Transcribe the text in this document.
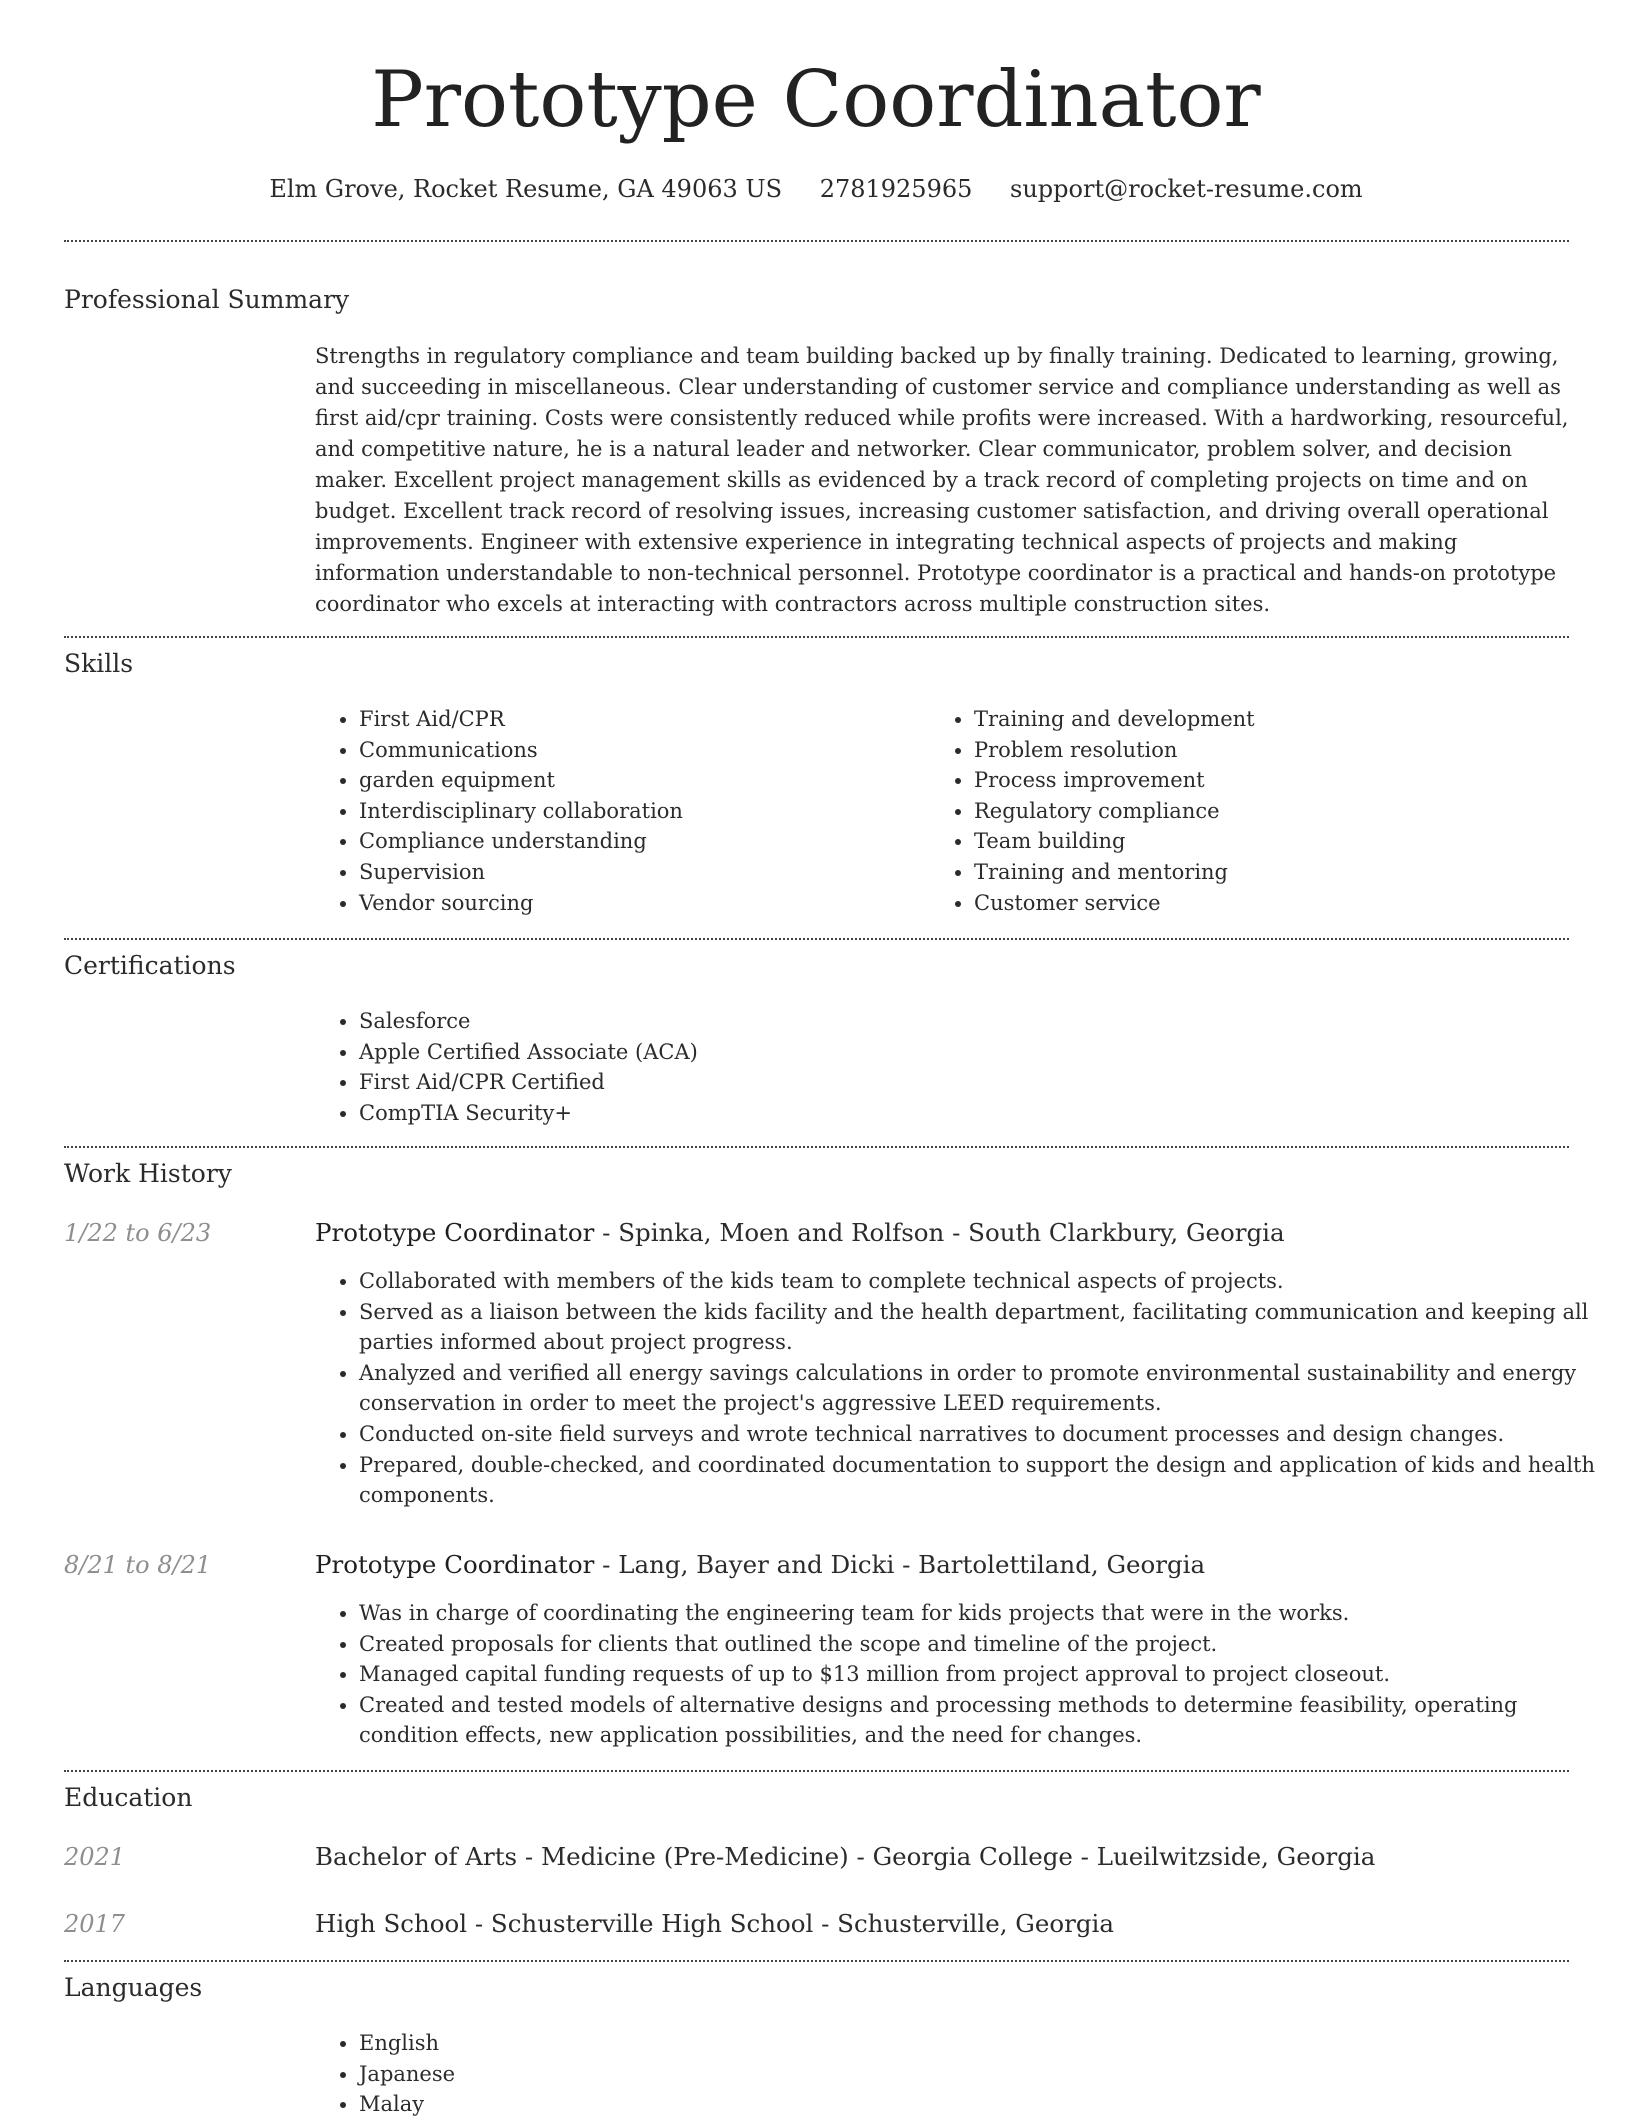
Prototype Coordinator
Elm Grove, Rocket Resume, GA 49063 US 2781925965 support@rocket-resume.com
Professional Summary
Strengths in regulatory compliance and team building backed up by finally training. Dedicated to learning, growing, and succeeding in miscellaneous. Clear understanding of customer service and compliance understanding as well as first aid/cpr training. Costs were consistently reduced while profits were increased. With a hardworking, resourceful, and competitive nature, he is a natural leader and networker. Clear communicator, problem solver, and decision maker. Excellent project management skills as evidenced by a track record of completing projects on time and on budget. Excellent track record of resolving issues, increasing customer satisfaction, and driving overall operational improvements. Engineer with extensive experience in integrating technical aspects of projects and making information understandable to non-technical personnel. Prototype coordinator is a practical and hands-on prototype coordinator who excels at interacting with contractors across multiple construction sites.
Skills
• First Aid/CPR
• Communications
• garden equipment
• Interdisciplinary collaboration
• Compliance understanding
• Supervision
• Vendor sourcing
• Training and development
• Problem resolution
• Process improvement
• Regulatory compliance
• Team building
• Training and mentoring
• Customer service
Certifications
• Salesforce
• Apple Certified Associate (ACA)
• First Aid/CPR Certified
• CompTIA Security+
Work History
1/22 to 6/23	Prototype Coordinator - Spinka, Moen and Rolfson - South Clarkbury, Georgia
• Collaborated with members of the kids team to complete technical aspects of projects.
• Served as a liaison between the kids facility and the health department, facilitating communication and keeping all parties informed about project progress.
• Analyzed and verified all energy savings calculations in order to promote environmental sustainability and energy conservation in order to meet the project's aggressive LEED requirements.
• Conducted on-site field surveys and wrote technical narratives to document processes and design changes.
• Prepared, double-checked, and coordinated documentation to support the design and application of kids and health components.
8/21 to 8/21	Prototype Coordinator - Lang, Bayer and Dicki - Bartolettiland, Georgia
• Was in charge of coordinating the engineering team for kids projects that were in the works.
• Created proposals for clients that outlined the scope and timeline of the project.
• Managed capital funding requests of up to $13 million from project approval to project closeout.
• Created and tested models of alternative designs and processing methods to determine feasibility, operating condition effects, new application possibilities, and the need for changes.
Education
2021	Bachelor of Arts - Medicine (Pre-Medicine) - Georgia College - Lueilwitzside, Georgia
2017	High School - Schusterville High School - Schusterville, Georgia
Languages
• English
• Japanese
• Malay
